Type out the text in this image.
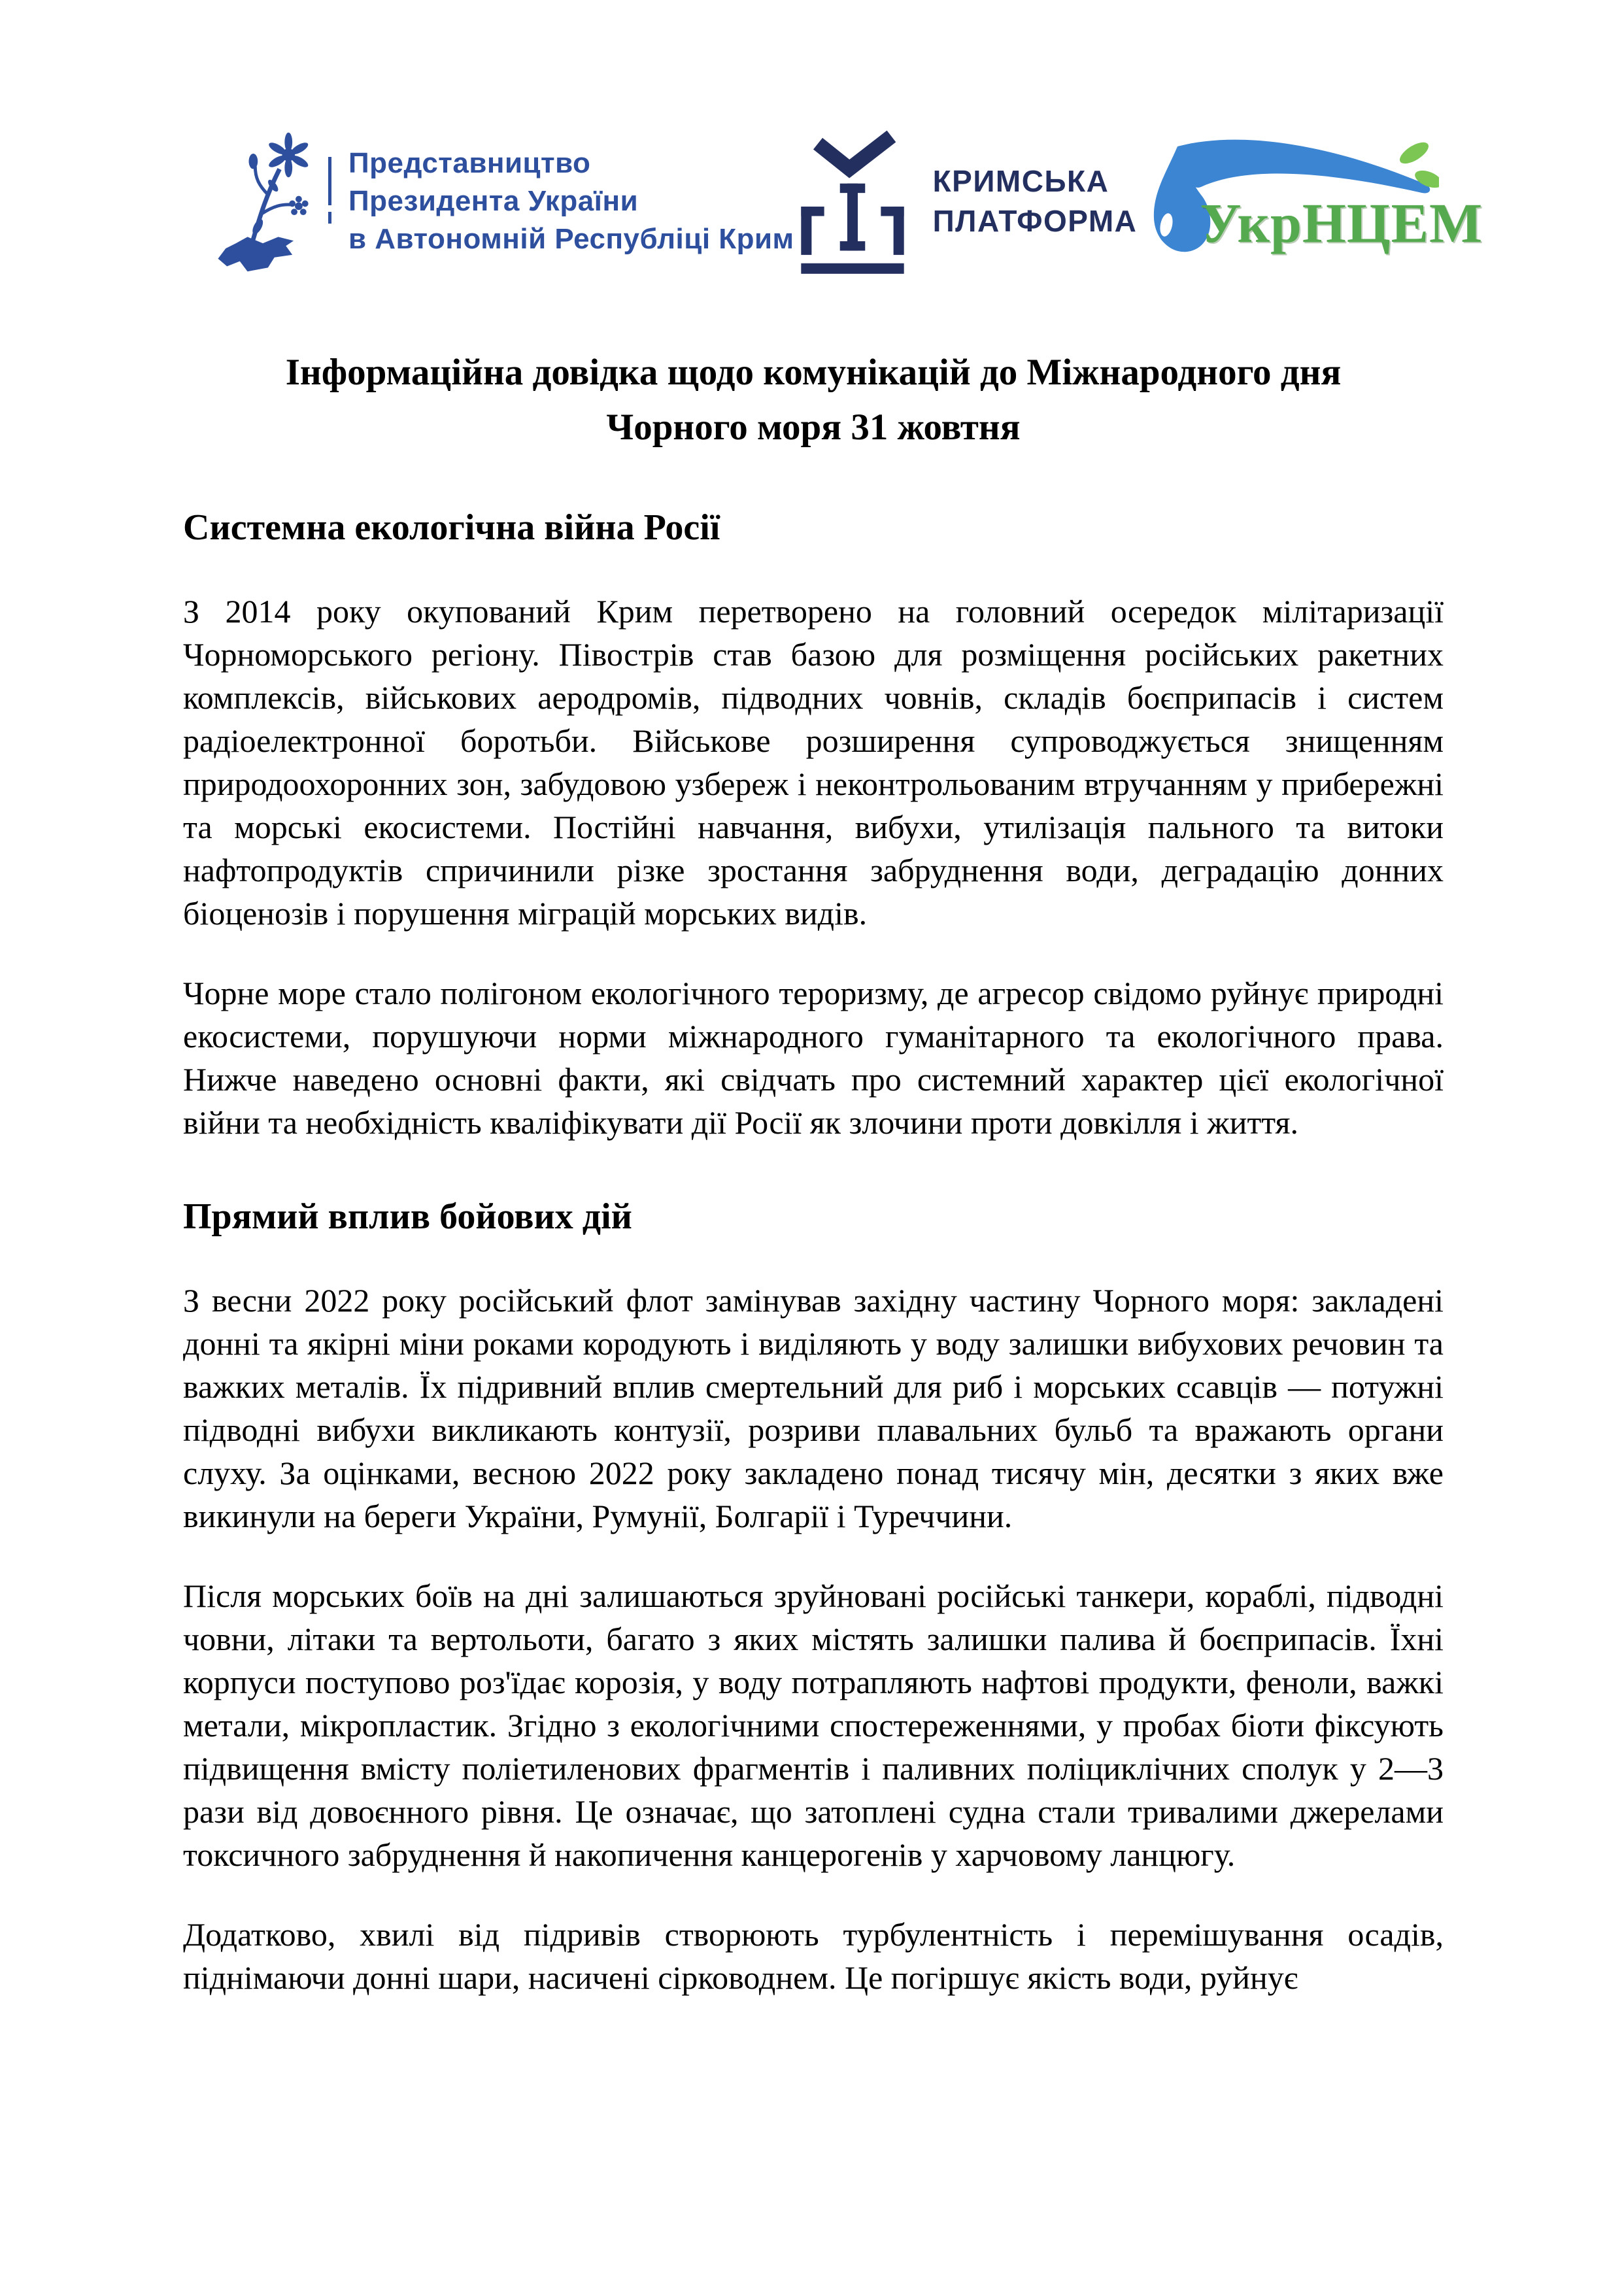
Представництво
Президента України
в Автономній Республіці Крим
КРИМСЬКА
ПЛАТФОРМА УкрНЦЕМ
Інформаційна довідка щодо комунікацій до Міжнародного дня
Чорного моря 31 жовтня
Системна екологічна війна Росії

З 2014 року окупований Крим перетворено на головний осередок мілітаризації Чорноморського регіону. Півострів став базою для розміщення російських ракетних комплексів, військових аеродромів, підводних човнів, складів боєприпасів і систем радіоелектронної боротьби. Військове розширення супроводжується знищенням природоохоронних зон, забудовою узбереж і неконтрольованим втручанням у прибережні та морські екосистеми. Постійні навчання, вибухи, утилізація пального та витоки нафтопродуктів спричинили різке зростання забруднення води, деградацію донних біоценозів і порушення міграцій морських видів.

Чорне море стало полігоном екологічного тероризму, де агресор свідомо руйнує природні екосистеми, порушуючи норми міжнародного гуманітарного та екологічного права. Нижче наведено основні факти, які свідчать про системний характер цієї екологічної війни та необхідність кваліфікувати дії Росії як злочини проти довкілля і життя.

Прямий вплив бойових дій

З весни 2022 року російський флот замінував західну частину Чорного моря: закладені донні та якірні міни роками кородують і виділяють у воду залишки вибухових речовин та важких металів. Їх підривний вплив смертельний для риб і морських ссавців — потужні підводні вибухи викликають контузії, розриви плавальних бульб та вражають органи слуху. За оцінками, весною 2022 року закладено понад тисячу мін, десятки з яких вже викинули на береги України, Румунії, Болгарії і Туреччини.

Після морських боїв на дні залишаються зруйновані російські танкери, кораблі, підводні човни, літаки та вертольоти, багато з яких містять залишки палива й боєприпасів. Їхні корпуси поступово роз'їдає корозія, у воду потрапляють нафтові продукти, феноли, важкі метали, мікропластик. Згідно з екологічними спостереженнями, у пробах біоти фіксують підвищення вмісту поліетиленових фрагментів і паливних поліциклічних сполук у 2—3 рази від довоєнного рівня. Це означає, що затоплені судна стали тривалими джерелами токсичного забруднення й накопичення канцерогенів у харчовому ланцюгу.

Додатково, хвилі від підривів створюють турбулентність і перемішування осадів, піднімаючи донні шари, насичені сірководнем. Це погіршує якість води, руйнує
